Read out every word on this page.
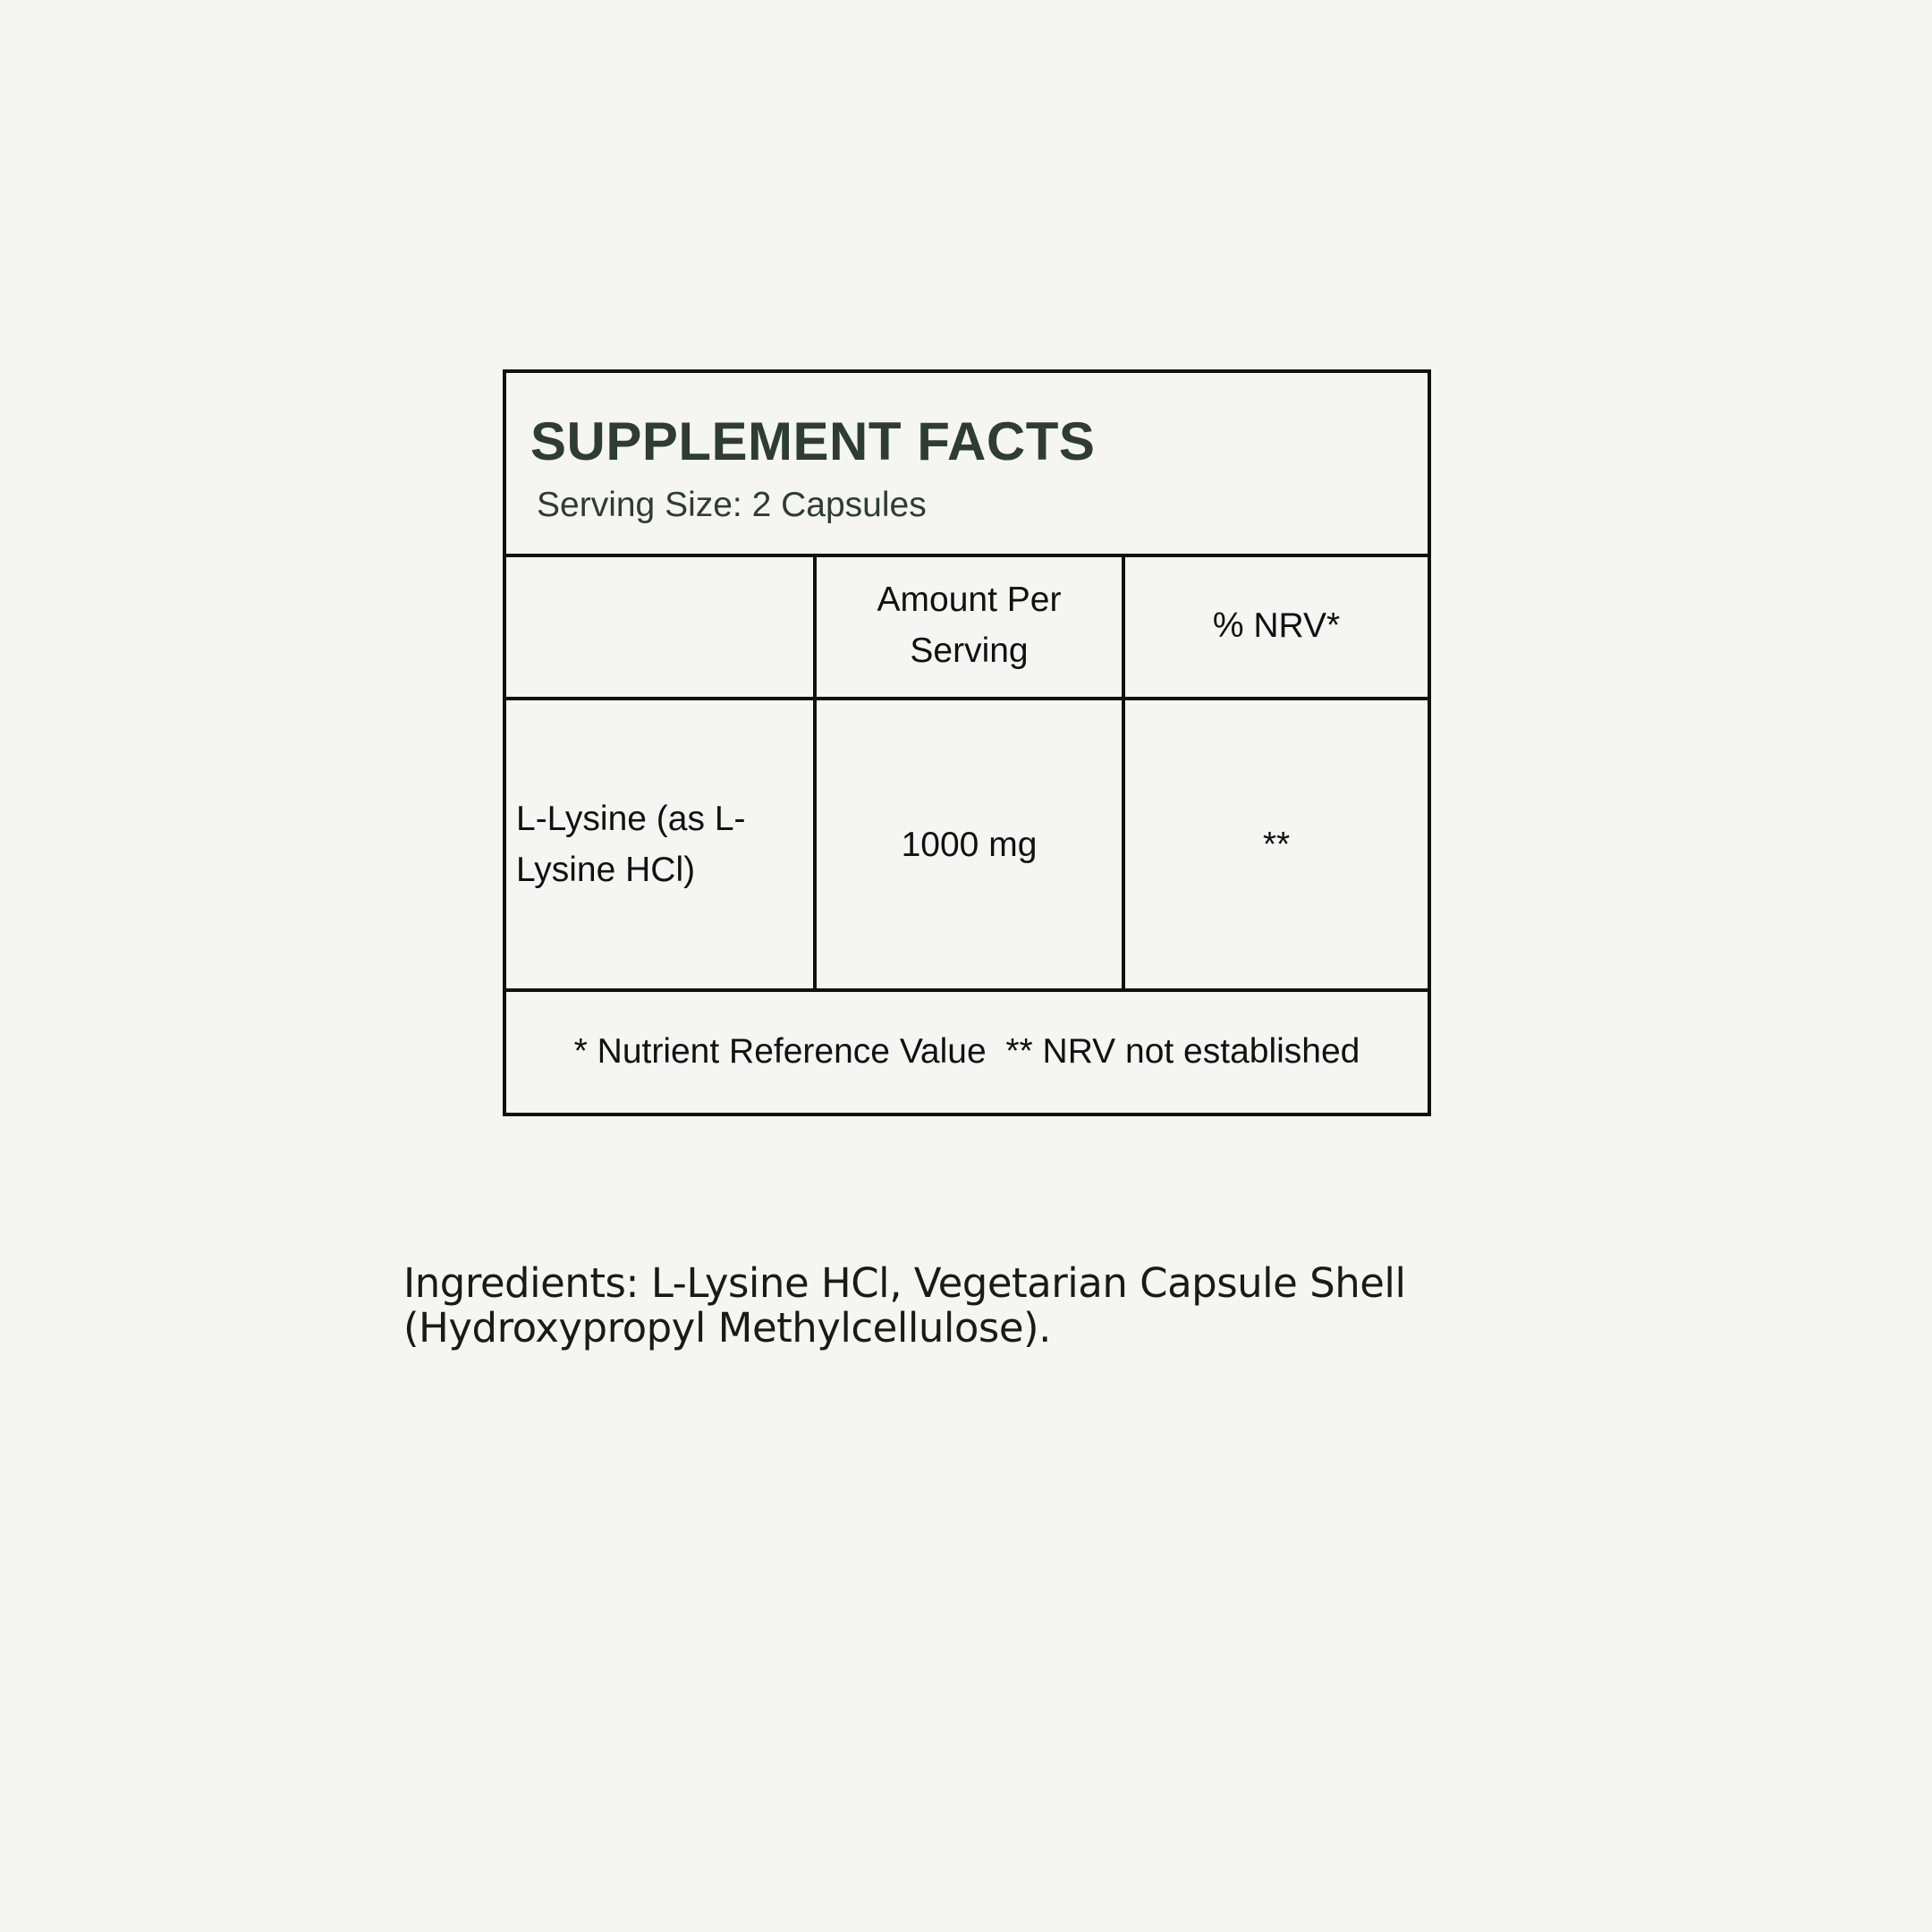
SUPPLEMENT FACTS
Serving Size: 2 Capsules
	Amount Per Serving	% NRV*
L-Lysine (as L-Lysine HCl)	1000 mg	**
* Nutrient Reference Value  ** NRV not established		

Ingredients: L-Lysine HCl, Vegetarian Capsule Shell (Hydroxypropyl Methylcellulose).
